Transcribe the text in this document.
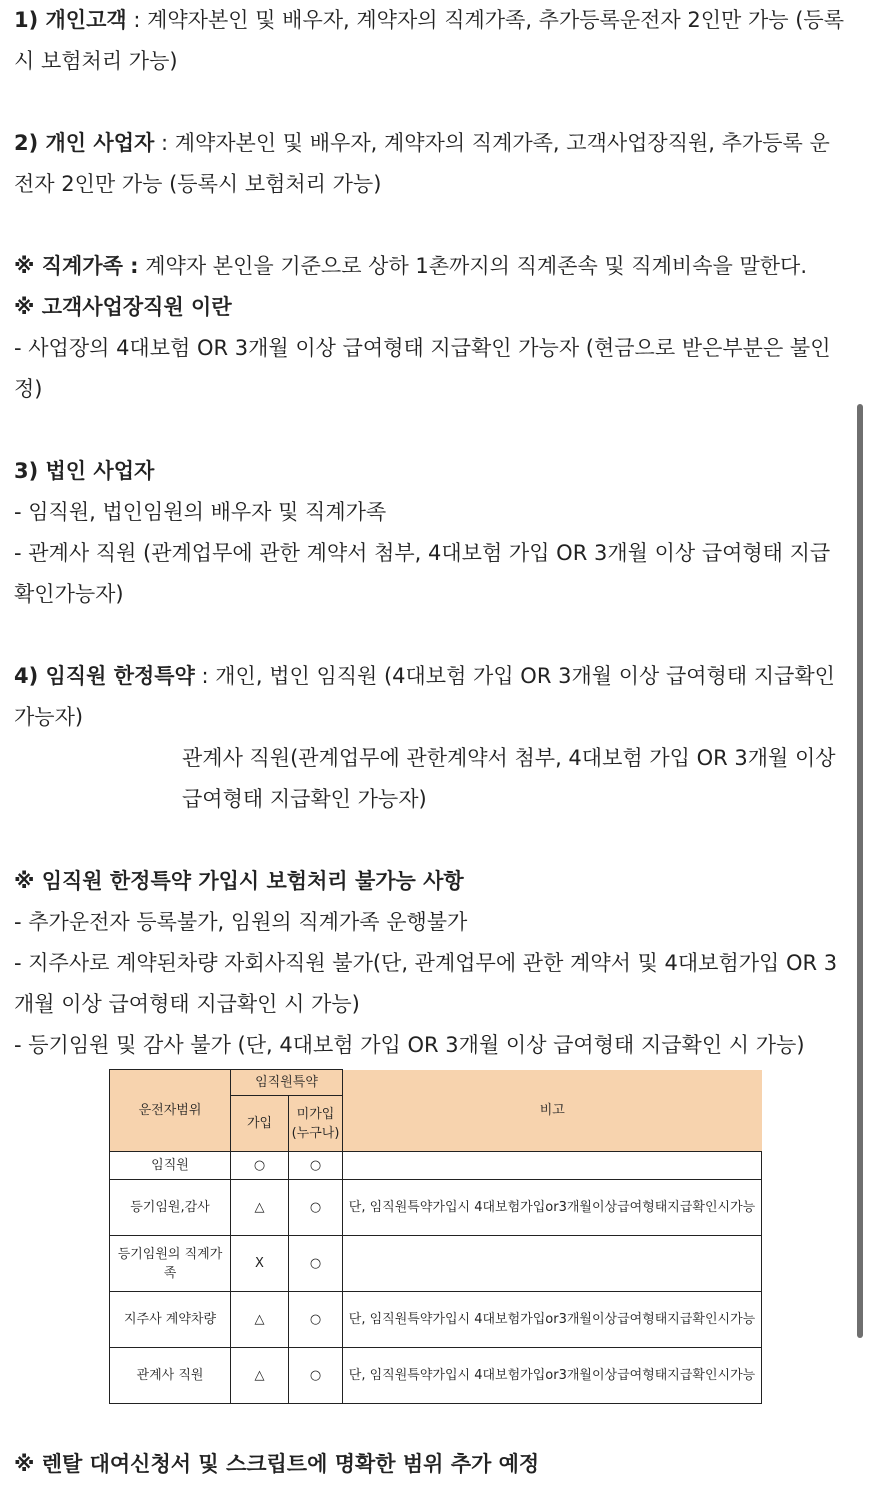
1) 개인고객 : 계약자본인 및 배우자, 계약자의 직계가족, 추가등록운전자 2인만 가능 (등록시 보험처리 가능)

2) 개인 사업자 : 계약자본인 및 배우자, 계약자의 직계가족, 고객사업장직원, 추가등록 운전자 2인만 가능 (등록시 보험처리 가능)

※ 직계가족 : 계약자 본인을 기준으로 상하 1촌까지의 직계존속 및 직계비속을 말한다.

※ 고객사업장직원 이란

- 사업장의 4대보험 OR 3개월 이상 급여형태 지급확인 가능자 (현금으로 받은부분은 불인정)

3) 법인 사업자

- 임직원, 법인임원의 배우자 및 직계가족

- 관계사 직원 (관계업무에 관한 계약서 첨부, 4대보험 가입 OR 3개월 이상 급여형태 지급확인가능자)

4) 임직원 한정특약 : 개인, 법인 임직원 (4대보험 가입 OR 3개월 이상 급여형태 지급확인 가능자)

관계사 직원(관계업무에 관한계약서 첨부, 4대보험 가입 OR 3개월 이상 급여형태 지급확인 가능자)

※ 임직원 한정특약 가입시 보험처리 불가능 사항

- 추가운전자 등록불가, 임원의 직계가족 운행불가

- 지주사로 계약된차량 자회사직원 불가(단, 관계업무에 관한 계약서 및 4대보험가입 OR 3개월 이상 급여형태 지급확인 시 가능)

- 등기임원 및 감사 불가 (단, 4대보험 가입 OR 3개월 이상 급여형태 지급확인 시 가능)

운전자범위	임직원특약		비고
	가입	미가입
(누구나)	
임직원	○	○	
등기임원,감사	△	○	단, 임직원특약가입시 4대보험가입or3개월이상급여형태지급확인시가능
등기임원의 직계가족	X	○	
지주사 계약차량	△	○	단, 임직원특약가입시 4대보험가입or3개월이상급여형태지급확인시가능
관계사 직원	△	○	단, 임직원특약가입시 4대보험가입or3개월이상급여형태지급확인시가능
※ 렌탈 대여신청서 및 스크립트에 명확한 범위 추가 예정
